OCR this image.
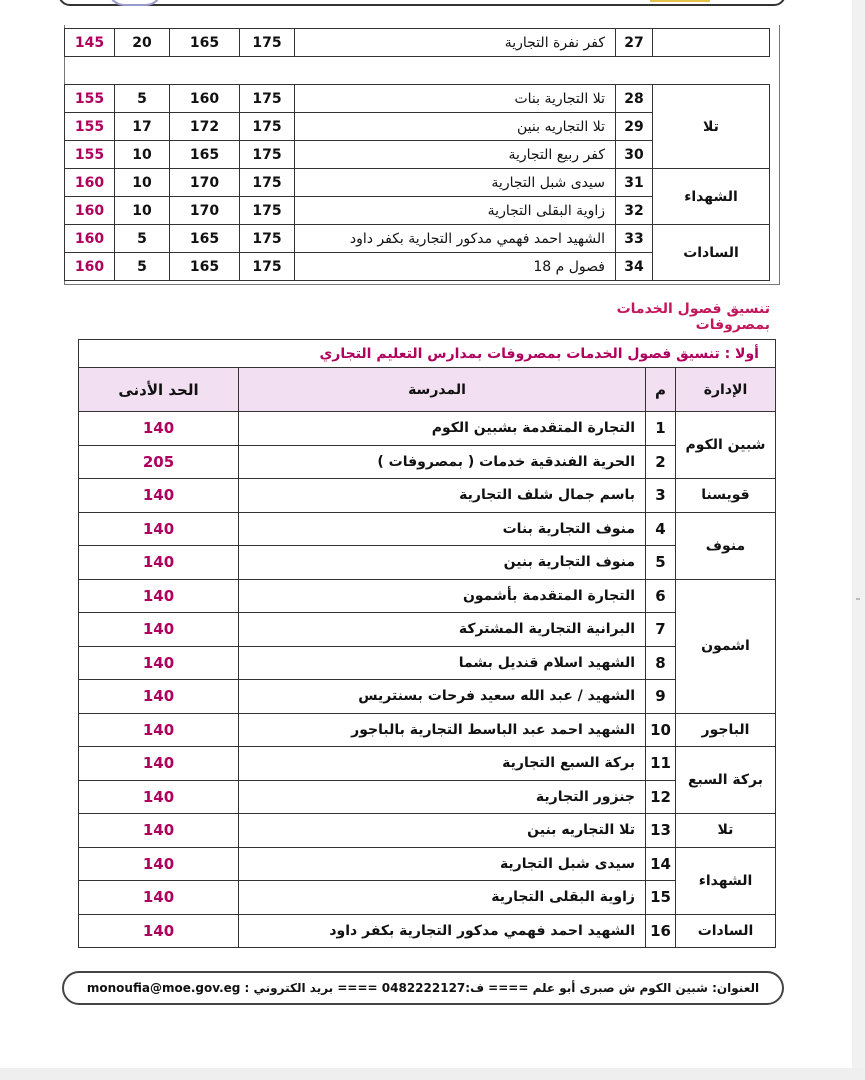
	27	كفر نفرة التجارية	175	165	20	145
تلا	28	تلا التجارية بنات	175	160	5	155
	29	تلا التجاريه بنين	175	172	17	155
	30	كفر ربيع التجارية	175	165	10	155
الشهداء	31	سيدى شبل التجارية	175	170	10	160
	32	زاوية البقلى التجارية	175	170	10	160
السادات	33	الشهيد احمد فهمي مدكور التجارية بكفر داود	175	165	5	160
	34	فصول م 18	175	165	5	160
تنسيق فصول الخدمات بمصروفات
أولا : تنسيق فصول الخدمات بمصروفات بمدارس التعليم التجاري			
الإدارة	م	المدرسة	الحد الأدنى
شبين الكوم	1	التجارة المتقدمة بشبين الكوم	140
	2	الحرية الفندقية خدمات ( بمصروفات )	205
قويسنا	3	باسم جمال شلف التجارية	140
منوف	4	منوف التجارية بنات	140
	5	منوف التجارية بنين	140
اشمون	6	التجارة المتقدمة بأشمون	140
	7	البرانية التجارية المشتركة	140
	8	الشهيد اسلام قنديل بشما	140
	9	الشهيد / عبد الله سعيد فرحات بسنتريس	140
الباجور	10	الشهيد احمد عبد الباسط التجارية بالباجور	140
بركة السبع	11	بركة السبع التجارية	140
	12	جنزور التجارية	140
تلا	13	تلا التجاريه بنين	140
الشهداء	14	سيدى شبل التجارية	140
	15	زاوية البقلى التجارية	140
السادات	16	الشهيد احمد فهمي مدكور التجارية بكفر داود	140
العنوان: شبين الكوم ش صبرى أبو علم ==== ف:0482222127 ==== بريد الكتروني : monoufia@moe.gov.eg
